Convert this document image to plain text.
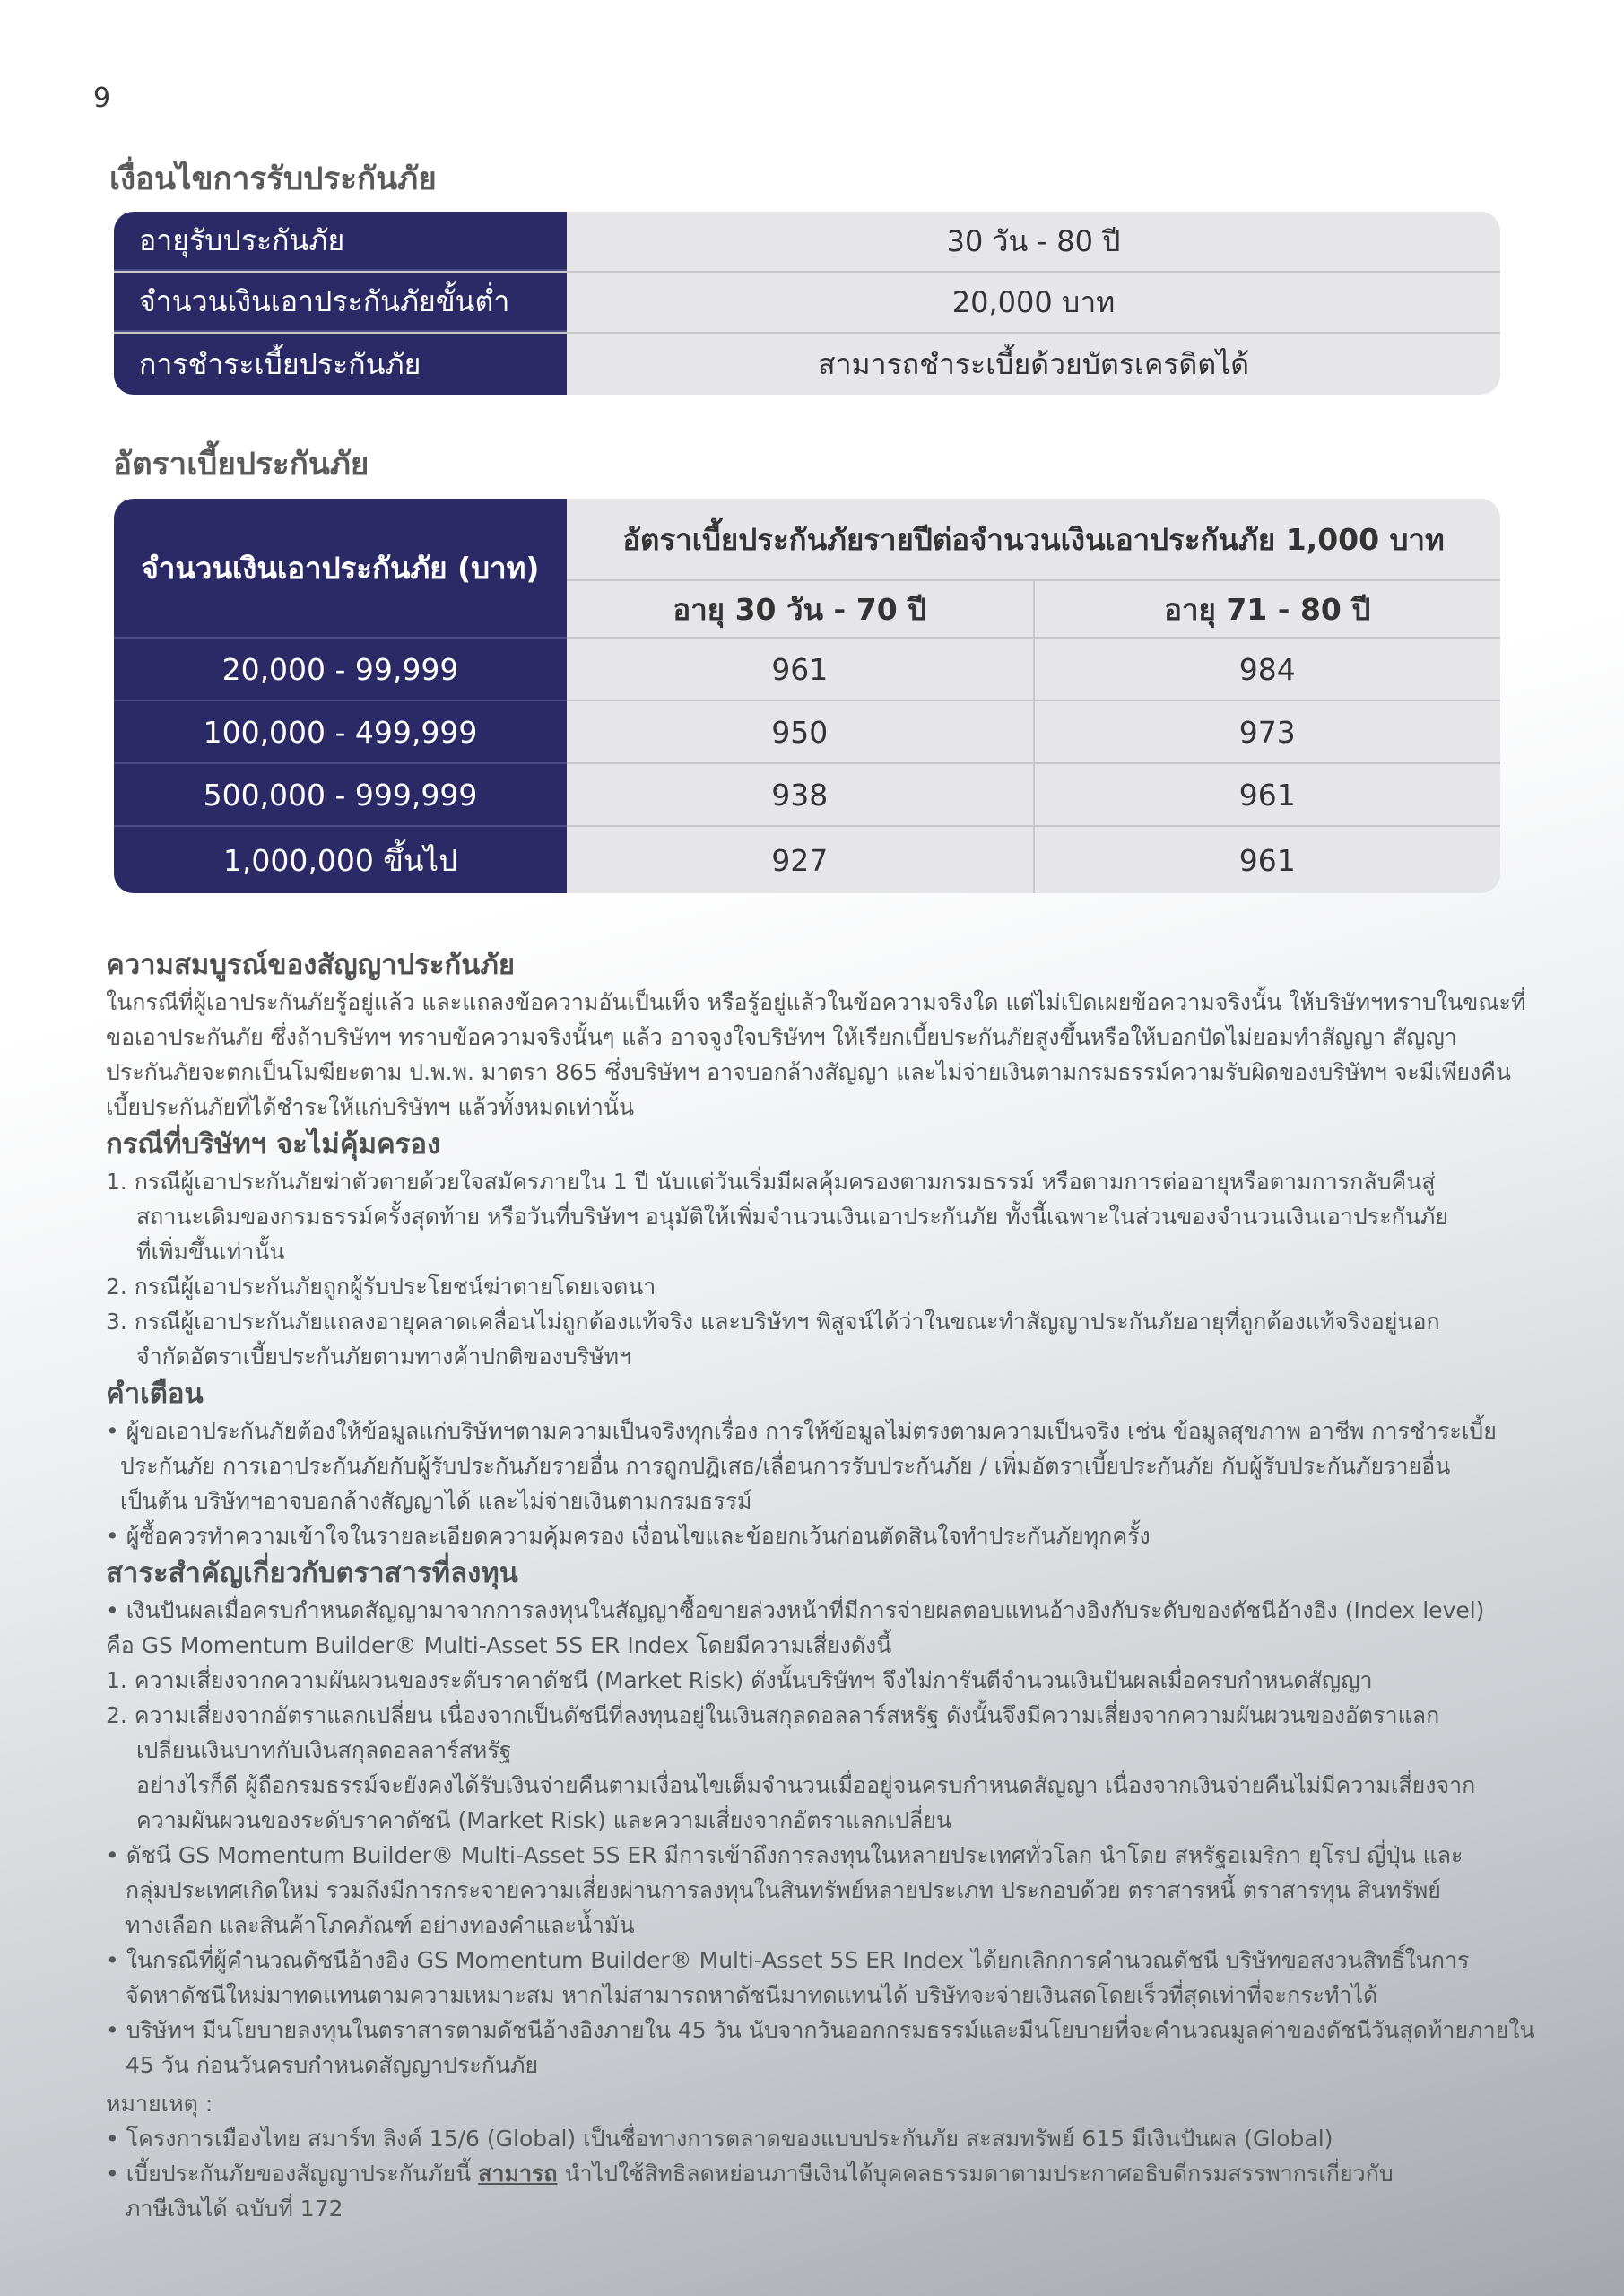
9
เงื่อนไขการรับประกันภัย
อายุรับประกันภัย	30 วัน - 80 ปี
จำนวนเงินเอาประกันภัยขั้นต่ำ	20,000 บาท
การชำระเบี้ยประกันภัย	สามารถชำระเบี้ยด้วยบัตรเครดิตได้
อัตราเบี้ยประกันภัย
จำนวนเงินเอาประกันภัย (บาท)
อัตราเบี้ยประกันภัยรายปีต่อจำนวนเงินเอาประกันภัย 1,000 บาท
อายุ 30 วัน - 70 ปี	อายุ 71 - 80 ปี
20,000 - 99,999	961	984
100,000 - 499,999	950	973
500,000 - 999,999	938	961
1,000,000 ขึ้นไป	927	961

ความสมบูรณ์ของสัญญาประกันภัย

ในกรณีที่ผู้เอาประกันภัยรู้อยู่แล้ว และแถลงข้อความอันเป็นเท็จ หรือรู้อยู่แล้วในข้อความจริงใด แต่ไม่เปิดเผยข้อความจริงนั้น ให้บริษัทฯทราบในขณะที่

ขอเอาประกันภัย ซึ่งถ้าบริษัทฯ ทราบข้อความจริงนั้นๆ แล้ว อาจจูงใจบริษัทฯ ให้เรียกเบี้ยประกันภัยสูงขึ้นหรือให้บอกปัดไม่ยอมทำสัญญา สัญญา

ประกันภัยจะตกเป็นโมฆียะตาม ป.พ.พ. มาตรา 865 ซึ่งบริษัทฯ อาจบอกล้างสัญญา และไม่จ่ายเงินตามกรมธรรม์ความรับผิดของบริษัทฯ จะมีเพียงคืน

เบี้ยประกันภัยที่ได้ชำระให้แก่บริษัทฯ แล้วทั้งหมดเท่านั้น

กรณีที่บริษัทฯ จะไม่คุ้มครอง

1. กรณีผู้เอาประกันภัยฆ่าตัวตายด้วยใจสมัครภายใน 1 ปี นับแต่วันเริ่มมีผลคุ้มครองตามกรมธรรม์ หรือตามการต่ออายุหรือตามการกลับคืนสู่

สถานะเดิมของกรมธรรม์ครั้งสุดท้าย หรือวันที่บริษัทฯ อนุมัติให้เพิ่มจำนวนเงินเอาประกันภัย ทั้งนี้เฉพาะในส่วนของจำนวนเงินเอาประกันภัย

ที่เพิ่มขึ้นเท่านั้น

2. กรณีผู้เอาประกันภัยถูกผู้รับประโยชน์ฆ่าตายโดยเจตนา

3. กรณีผู้เอาประกันภัยแถลงอายุคลาดเคลื่อนไม่ถูกต้องแท้จริง และบริษัทฯ พิสูจน์ได้ว่าในขณะทำสัญญาประกันภัยอายุที่ถูกต้องแท้จริงอยู่นอก

จำกัดอัตราเบี้ยประกันภัยตามทางค้าปกติของบริษัทฯ

คำเตือน

• ผู้ขอเอาประกันภัยต้องให้ข้อมูลแก่บริษัทฯตามความเป็นจริงทุกเรื่อง การให้ข้อมูลไม่ตรงตามความเป็นจริง เช่น ข้อมูลสุขภาพ อาชีพ การชำระเบี้ย

ประกันภัย การเอาประกันภัยกับผู้รับประกันภัยรายอื่น การถูกปฏิเสธ/เลื่อนการรับประกันภัย / เพิ่มอัตราเบี้ยประกันภัย กับผู้รับประกันภัยรายอื่น

เป็นต้น บริษัทฯอาจบอกล้างสัญญาได้ และไม่จ่ายเงินตามกรมธรรม์

• ผู้ซื้อควรทำความเข้าใจในรายละเอียดความคุ้มครอง เงื่อนไขและข้อยกเว้นก่อนตัดสินใจทำประกันภัยทุกครั้ง

สาระสำคัญเกี่ยวกับตราสารที่ลงทุน

• เงินปันผลเมื่อครบกำหนดสัญญามาจากการลงทุนในสัญญาซื้อขายล่วงหน้าที่มีการจ่ายผลตอบแทนอ้างอิงกับระดับของดัชนีอ้างอิง (Index level)

คือ GS Momentum Builder® Multi-Asset 5S ER Index โดยมีความเสี่ยงดังนี้

1. ความเสี่ยงจากความผันผวนของระดับราคาดัชนี (Market Risk) ดังนั้นบริษัทฯ จึงไม่การันตีจำนวนเงินปันผลเมื่อครบกำหนดสัญญา

2. ความเสี่ยงจากอัตราแลกเปลี่ยน เนื่องจากเป็นดัชนีที่ลงทุนอยู่ในเงินสกุลดอลลาร์สหรัฐ ดังนั้นจึงมีความเสี่ยงจากความผันผวนของอัตราแลก

เปลี่ยนเงินบาทกับเงินสกุลดอลลาร์สหรัฐ

อย่างไรก็ดี ผู้ถือกรมธรรม์จะยังคงได้รับเงินจ่ายคืนตามเงื่อนไขเต็มจำนวนเมื่ออยู่จนครบกำหนดสัญญา เนื่องจากเงินจ่ายคืนไม่มีความเสี่ยงจาก

ความผันผวนของระดับราคาดัชนี (Market Risk) และความเสี่ยงจากอัตราแลกเปลี่ยน

• ดัชนี GS Momentum Builder® Multi-Asset 5S ER มีการเข้าถึงการลงทุนในหลายประเทศทั่วโลก นำโดย สหรัฐอเมริกา ยุโรป ญี่ปุ่น และ

กลุ่มประเทศเกิดใหม่ รวมถึงมีการกระจายความเสี่ยงผ่านการลงทุนในสินทรัพย์หลายประเภท ประกอบด้วย ตราสารหนี้ ตราสารทุน สินทรัพย์

ทางเลือก และสินค้าโภคภัณฑ์ อย่างทองคำและน้ำมัน

• ในกรณีที่ผู้คำนวณดัชนีอ้างอิง GS Momentum Builder® Multi-Asset 5S ER Index ได้ยกเลิกการคำนวณดัชนี บริษัทขอสงวนสิทธิ์ในการ

จัดหาดัชนีใหม่มาทดแทนตามความเหมาะสม หากไม่สามารถหาดัชนีมาทดแทนได้ บริษัทจะจ่ายเงินสดโดยเร็วที่สุดเท่าที่จะกระทำได้

• บริษัทฯ มีนโยบายลงทุนในตราสารตามดัชนีอ้างอิงภายใน 45 วัน นับจากวันออกกรมธรรม์และมีนโยบายที่จะคำนวณมูลค่าของดัชนีวันสุดท้ายภายใน

45 วัน ก่อนวันครบกำหนดสัญญาประกันภัย

หมายเหตุ :

• โครงการเมืองไทย สมาร์ท ลิงค์ 15/6 (Global) เป็นชื่อทางการตลาดของแบบประกันภัย สะสมทรัพย์ 615 มีเงินปันผล (Global)

• เบี้ยประกันภัยของสัญญาประกันภัยนี้ สามารถ นำไปใช้สิทธิลดหย่อนภาษีเงินได้บุคคลธรรมดาตามประกาศอธิบดีกรมสรรพากรเกี่ยวกับ

ภาษีเงินได้ ฉบับที่ 172
